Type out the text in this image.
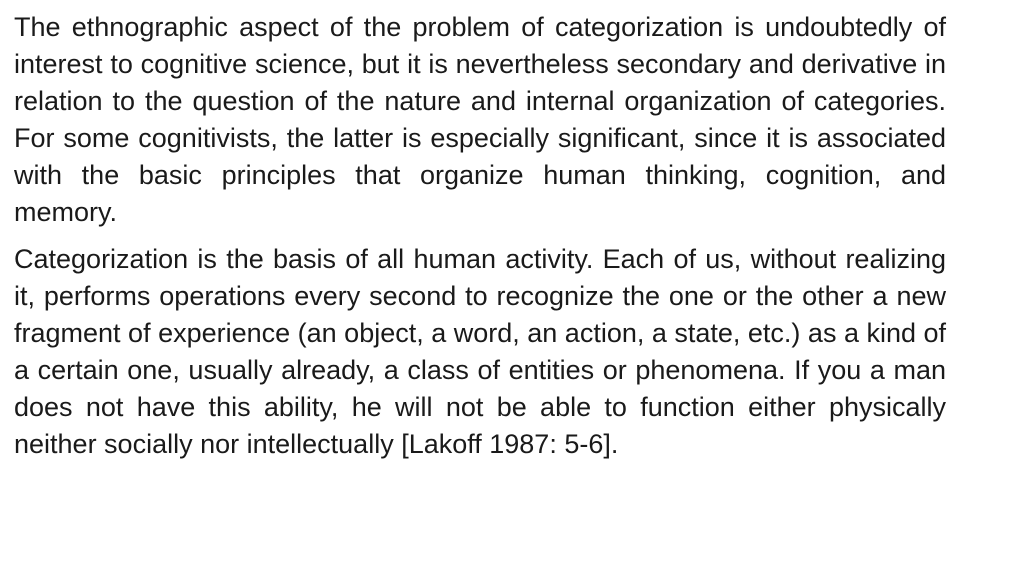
The ethnographic aspect of the problem of categorization is undoubtedly of interest to cognitive science, but it is nevertheless secondary and derivative in relation to the question of the nature and internal organization of categories. For some cognitivists, the latter is especially significant, since it is associated with the basic principles that organize human thinking, cognition, and memory.

Categorization is the basis of all human activity. Each of us, without realizing it, performs operations every second to recognize the one or the other a new fragment of experience (an object, a word, an action, a state, etc.) as a kind of a certain one, usually already, a class of entities or phenomena. If you a man does not have this ability, he will not be able to function either physically neither socially nor intellectually [Lakoff 1987: 5-6].
